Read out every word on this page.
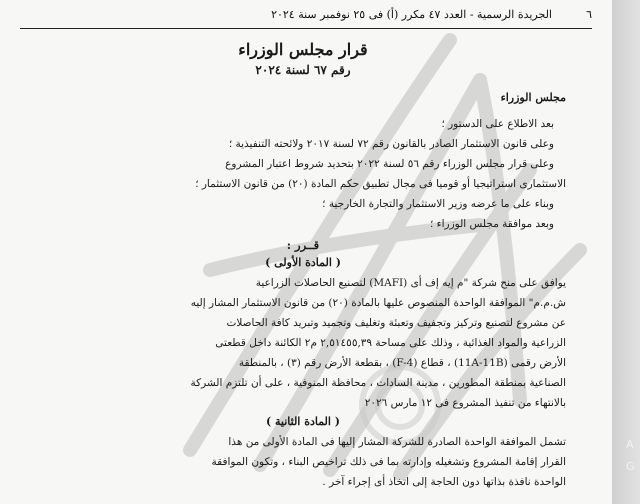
٦
الجريدة الرسمية - العدد ٤٧ مكرر (أ) فى ٢٥ نوفمبر سنة ٢٠٢٤
قرار مجلس الوزراء
رقم ٦٧ لسنة ٢٠٢٤
مجلس الوزراء

بعد الاطلاع على الدستور ؛

وعلى قانون الاستثمار الصادر بالقانون رقم ٧٢ لسنة ٢٠١٧ ولائحته التنفيذية ؛

وعلى قرار مجلس الوزراء رقم ٥٦ لسنة ٢٠٢٢ بتحديد شروط اعتبار المشروع

الاستثمارى استراتيجيا أو قوميا فى مجال تطبيق حكم المادة (٢٠) من قانون الاستثمار ؛

وبناء على ما عرضه وزير الاستثمار والتجارة الخارجية ؛

وبعد موافقة مجلس الوزراء ؛

قــرر :
( المادة الأولى )

يوافق على منح شركة "م إيه إف أى (MAFI) لتصنيع الحاصلات الزراعية

ش.م.م" الموافقة الواحدة المنصوص عليها بالمادة (٢٠) من قانون الاستثمار المشار إليه

عن مشروع لتصنيع وتركيز وتجفيف وتعبئة وتغليف وتجميد وتبريد كافة الحاصلات

الزراعية والمواد الغذائية ، وذلك على مساحة ٢,٥١٤٥٥,٣٩ م٢ الكائنة داخل قطعتى

الأرض رقمى (11A-11B) ، قطاع (F-4) ، بقطعة الأرض رقم (٣) ، بالمنطقة

الصناعية بمنطقة المطورين ، مدينة السادات ، محافظة المنوفية ، على أن تلتزم الشركة

بالانتهاء من تنفيذ المشروع فى ١٢ مارس ٢٠٢٦

( المادة الثانية )

تشمل الموافقة الواحدة الصادرة للشركة المشار إليها فى المادة الأولى من هذا

القرار إقامة المشروع وتشغيله وإدارته بما فى ذلك تراخيص البناء ، وتكون الموافقة

الواحدة نافذة بذاتها دون الحاجة إلى اتخاذ أى إجراء آخر .

A
G
